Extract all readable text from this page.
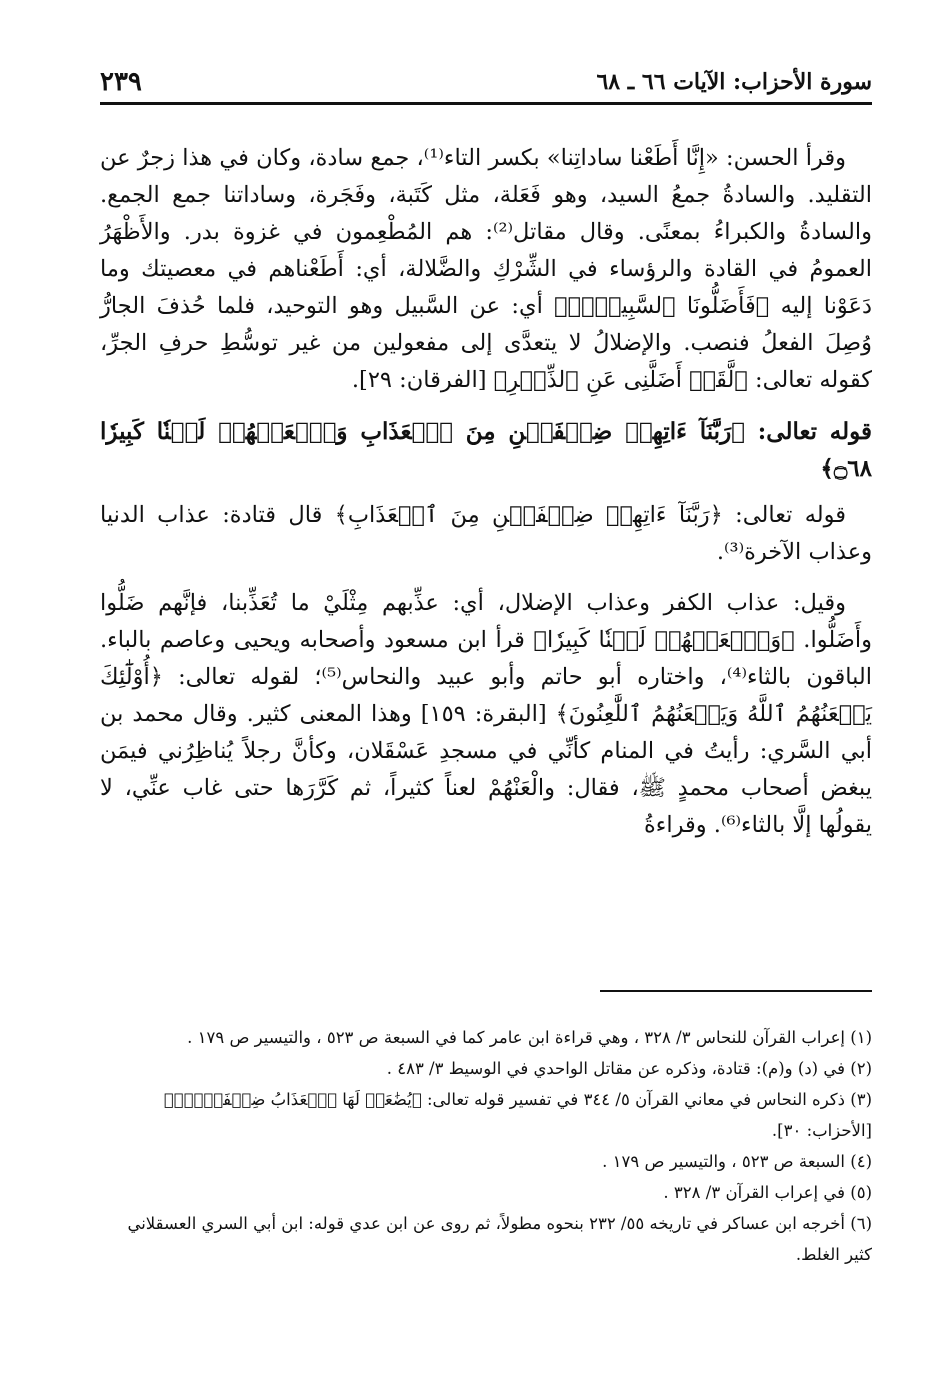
سورة الأحزاب: الآيات ٦٦ ـ ٦٨
٢٣٩

وقرأ الحسن: «إِنَّا أَطَعْنا ساداتِنا» بكسر التاء⁽¹⁾، جمع سادة، وكان في هذا زجرٌ عن التقليد. والسادةُ جمعُ السيد، وهو فَعَلة، مثل كَتَبة، وفَجَرة، وساداتنا جمع الجمع. والسادةُ والكبراءُ بمعنًى. وقال مقاتل⁽²⁾: هم المُطْعِمون في غزوة بدر. والأَظْهَرُ العمومُ في القادة والرؤساء في الشِّرْكِ والضَّلالة، أي: أَطَعْناهم في معصيتك وما دَعَوْنا إليه ﴿فَأَضَلُّونَا ٱلسَّبِيلَا۠﴾ أي: عن السَّبيل وهو التوحيد، فلما حُذفَ الجارُّ وُصِلَ الفعلُ فنصب. والإضلالُ لا يتعدَّى إلى مفعولين من غير توسُّطِ حرفِ الجرِّ، كقوله تعالى: ﴿لَّقَدۡ أَضَلَّنِى عَنِ ٱلذِّكۡرِ﴾ [الفرقان: ٢٩].

قوله تعالى: ﴿رَبَّنَآ ءَاتِهِمۡ ضِعۡفَيۡنِ مِنَ ٱلۡعَذَابِ وَٱلۡعَنۡهُمۡ لَعۡنٗا كَبِيرٗا ۝٦٨﴾

قوله تعالى: ﴿رَبَّنَآ ءَاتِهِمۡ ضِعۡفَيۡنِ مِنَ ٱلۡعَذَابِ﴾ قال قتادة: عذاب الدنيا وعذاب الآخرة⁽³⁾.

وقيل: عذاب الكفر وعذاب الإضلال، أي: عذِّبهم مِثْلَيْ ما تُعَذِّبنا، فإنَّهم ضَلُّوا وأَضَلُّوا. ﴿وَٱلۡعَنۡهُمۡ لَعۡنٗا كَبِيرٗا﴾ قرأ ابن مسعود وأصحابه ويحيى وعاصم بالباء. الباقون بالثاء⁽⁴⁾، واختاره أبو حاتم وأبو عبيد والنحاس⁽⁵⁾؛ لقوله تعالى: ﴿أُوْلَٰٓئِكَ يَلۡعَنُهُمُ ٱللَّهُ وَيَلۡعَنُهُمُ ٱللَّٰعِنُونَ﴾ [البقرة: ١٥٩] وهذا المعنى كثير. وقال محمد بن أبي السَّري: رأيتُ في المنام كأنِّي في مسجدِ عَسْقَلان، وكأنَّ رجلاً يُناظِرُني فيمَن يبغض أصحاب محمدٍ ﷺ، فقال: والْعَنْهُمْ لعناً كثيراً، ثم كَرَّرَها حتى غاب عنِّي، لا يقولُها إلَّا بالثاء⁽⁶⁾. وقراءةُ

(١) إعراب القرآن للنحاس ٣/ ٣٢٨ ، وهي قراءة ابن عامر كما في السبعة ص ٥٢٣ ، والتيسير ص ١٧٩ .

(٢) في (د) و(م): قتادة، وذكره عن مقاتل الواحدي في الوسيط ٣/ ٤٨٣ .

(٣) ذكره النحاس في معاني القرآن ٥/ ٣٤٤ في تفسير قوله تعالى: ﴿يُضَٰعَفۡ لَهَا ٱلۡعَذَابُ ضِعۡفَيۡنِۚ﴾ [الأحزاب: ٣٠].

(٤) السبعة ص ٥٢٣ ، والتيسير ص ١٧٩ .

(٥) في إعراب القرآن ٣/ ٣٢٨ .

(٦) أخرجه ابن عساكر في تاريخه ٥٥/ ٢٣٢ بنحوه مطولاً، ثم روى عن ابن عدي قوله: ابن أبي السري العسقلاني كثير الغلط.
